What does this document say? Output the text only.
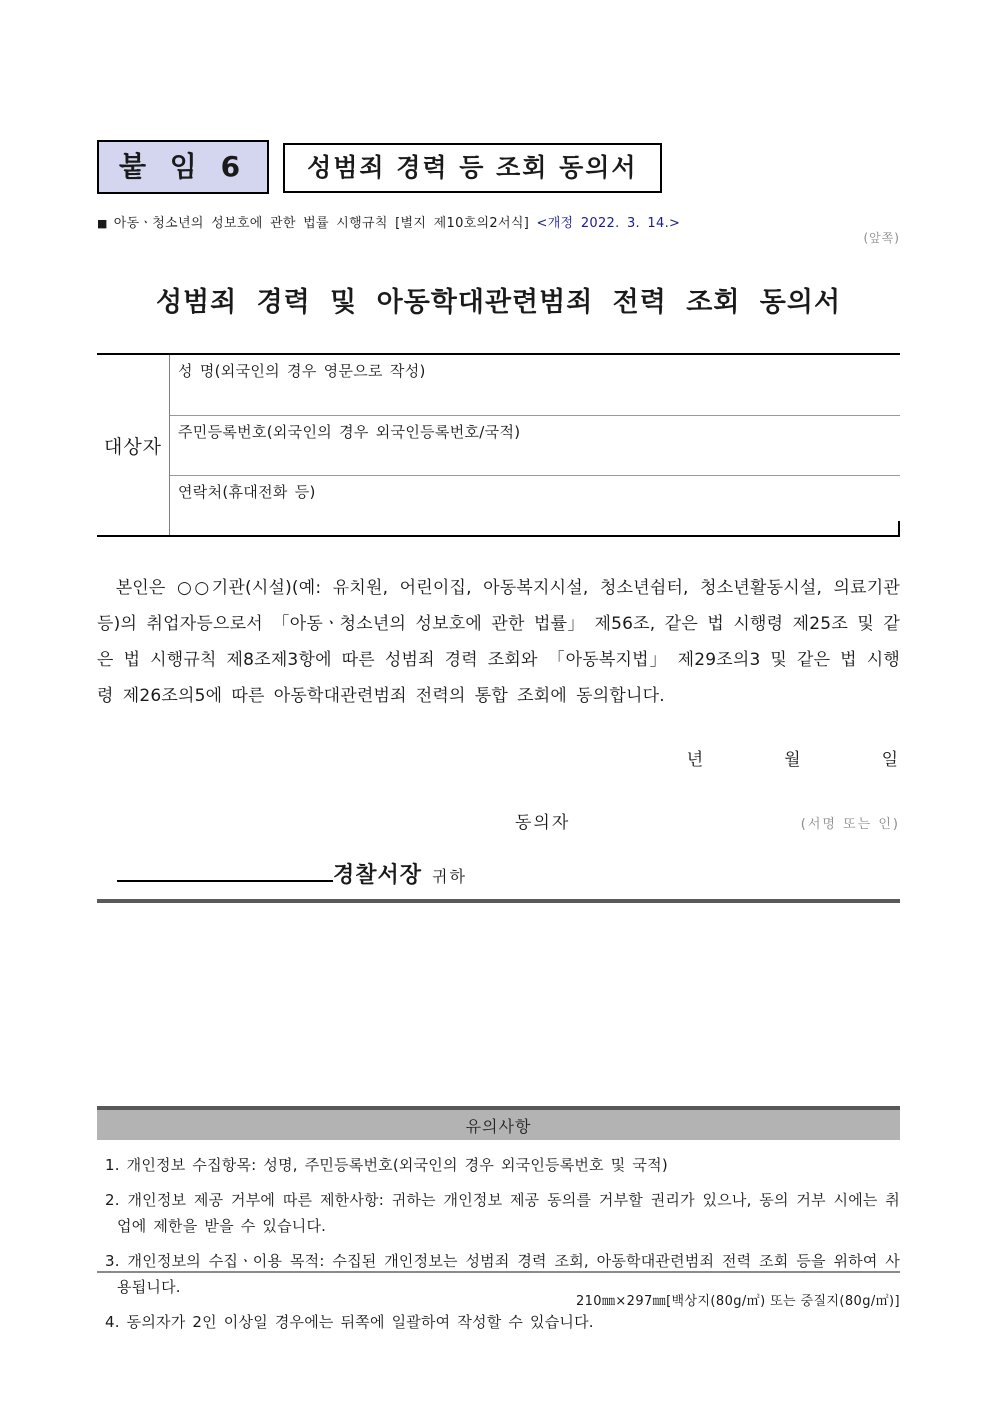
붙 임 6	성범죄 경력 등 조회 동의서
■ 아동ㆍ청소년의 성보호에 관한 법률 시행규칙 [별지 제10호의2서식] <개정 2022. 3. 14.>
(앞쪽)
성범죄 경력 및 아동학대관련범죄 전력 조회 동의서
대상자
성 명(외국인의 경우 영문으로 작성)
주민등록번호(외국인의 경우 외국인등록번호/국적)
연락처(휴대전화 등)
본인은 ○○기관(시설)(예: 유치원, 어린이집, 아동복지시설, 청소년쉼터, 청소년활동시설, 의료기관 등)의 취업자등으로서 「아동ㆍ청소년의 성보호에 관한 법률」 제56조, 같은 법 시행령 제25조 및 같은 법 시행규칙 제8조제3항에 따른 성범죄 경력 조회와 「아동복지법」 제29조의3 및 같은 법 시행령 제26조의5에 따른 아동학대관련범죄 전력의 통합 조회에 동의합니다.
년	월	일
동의자	(서명 또는 인)
경찰서장 귀하
유의사항
1. 개인정보 수집항목: 성명, 주민등록번호(외국인의 경우 외국인등록번호 및 국적)
2. 개인정보 제공 거부에 따른 제한사항: 귀하는 개인정보 제공 동의를 거부할 권리가 있으나, 동의 거부 시에는 취업에 제한을 받을 수 있습니다.
3. 개인정보의 수집ㆍ이용 목적: 수집된 개인정보는 성범죄 경력 조회, 아동학대관련범죄 전력 조회 등을 위하여 사용됩니다.
4. 동의자가 2인 이상일 경우에는 뒤쪽에 일괄하여 작성할 수 있습니다.
210㎜×297㎜[백상지(80g/㎡) 또는 중질지(80g/㎡)]
